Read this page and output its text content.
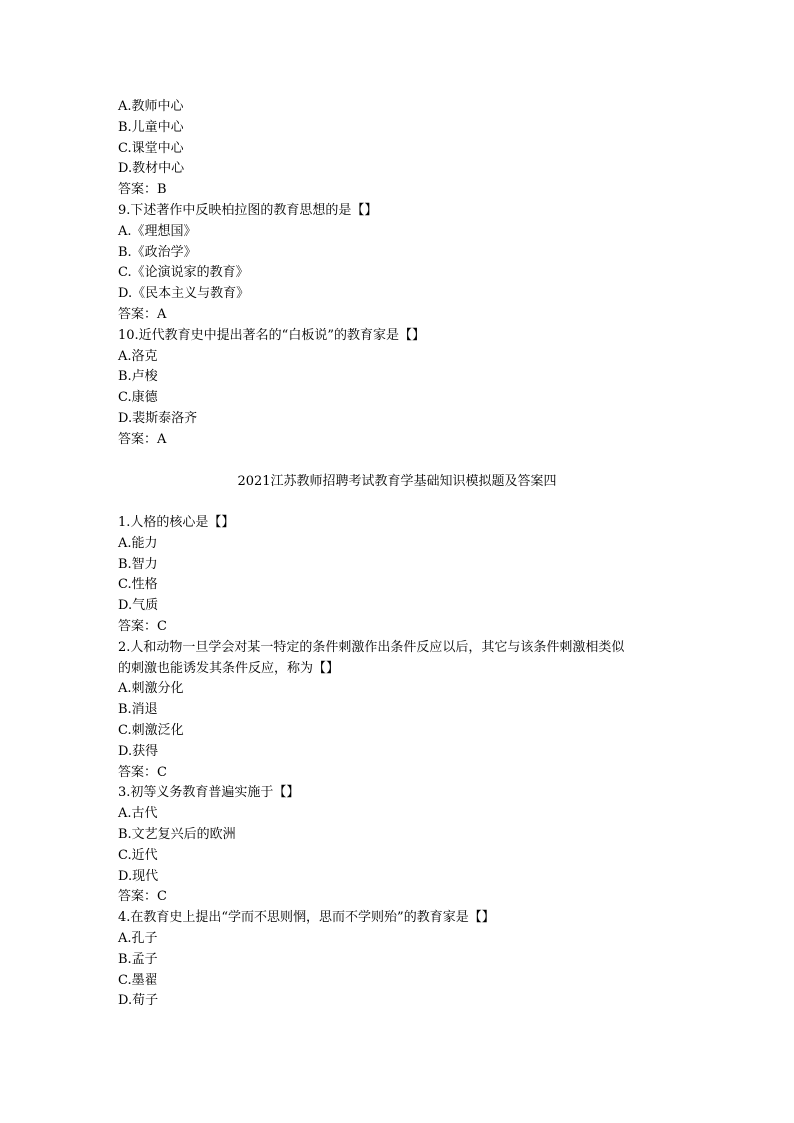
A.教师中心
B.儿童中心
C.课堂中心
D.教材中心
答案：B
9.下述著作中反映柏拉图的教育思想的是【】
A.《理想国》
B.《政治学》
C.《论演说家的教育》
D.《民本主义与教育》
答案：A
10.近代教育史中提出著名的“白板说”的教育家是【】
A.洛克
B.卢梭
C.康德
D.裴斯泰洛齐
答案：A
2021江苏教师招聘考试教育学基础知识模拟题及答案四
1.人格的核心是【】
A.能力
B.智力
C.性格
D.气质
答案：C
2.人和动物一旦学会对某一特定的条件刺激作出条件反应以后，其它与该条件刺激相类似
的刺激也能诱发其条件反应，称为【】
A.刺激分化
B.消退
C.刺激泛化
D.获得
答案：C
3.初等义务教育普遍实施于【】
A.古代
B.文艺复兴后的欧洲
C.近代
D.现代
答案：C
4.在教育史上提出“学而不思则惘，思而不学则殆”的教育家是【】
A.孔子
B.孟子
C.墨翟
D.荀子
